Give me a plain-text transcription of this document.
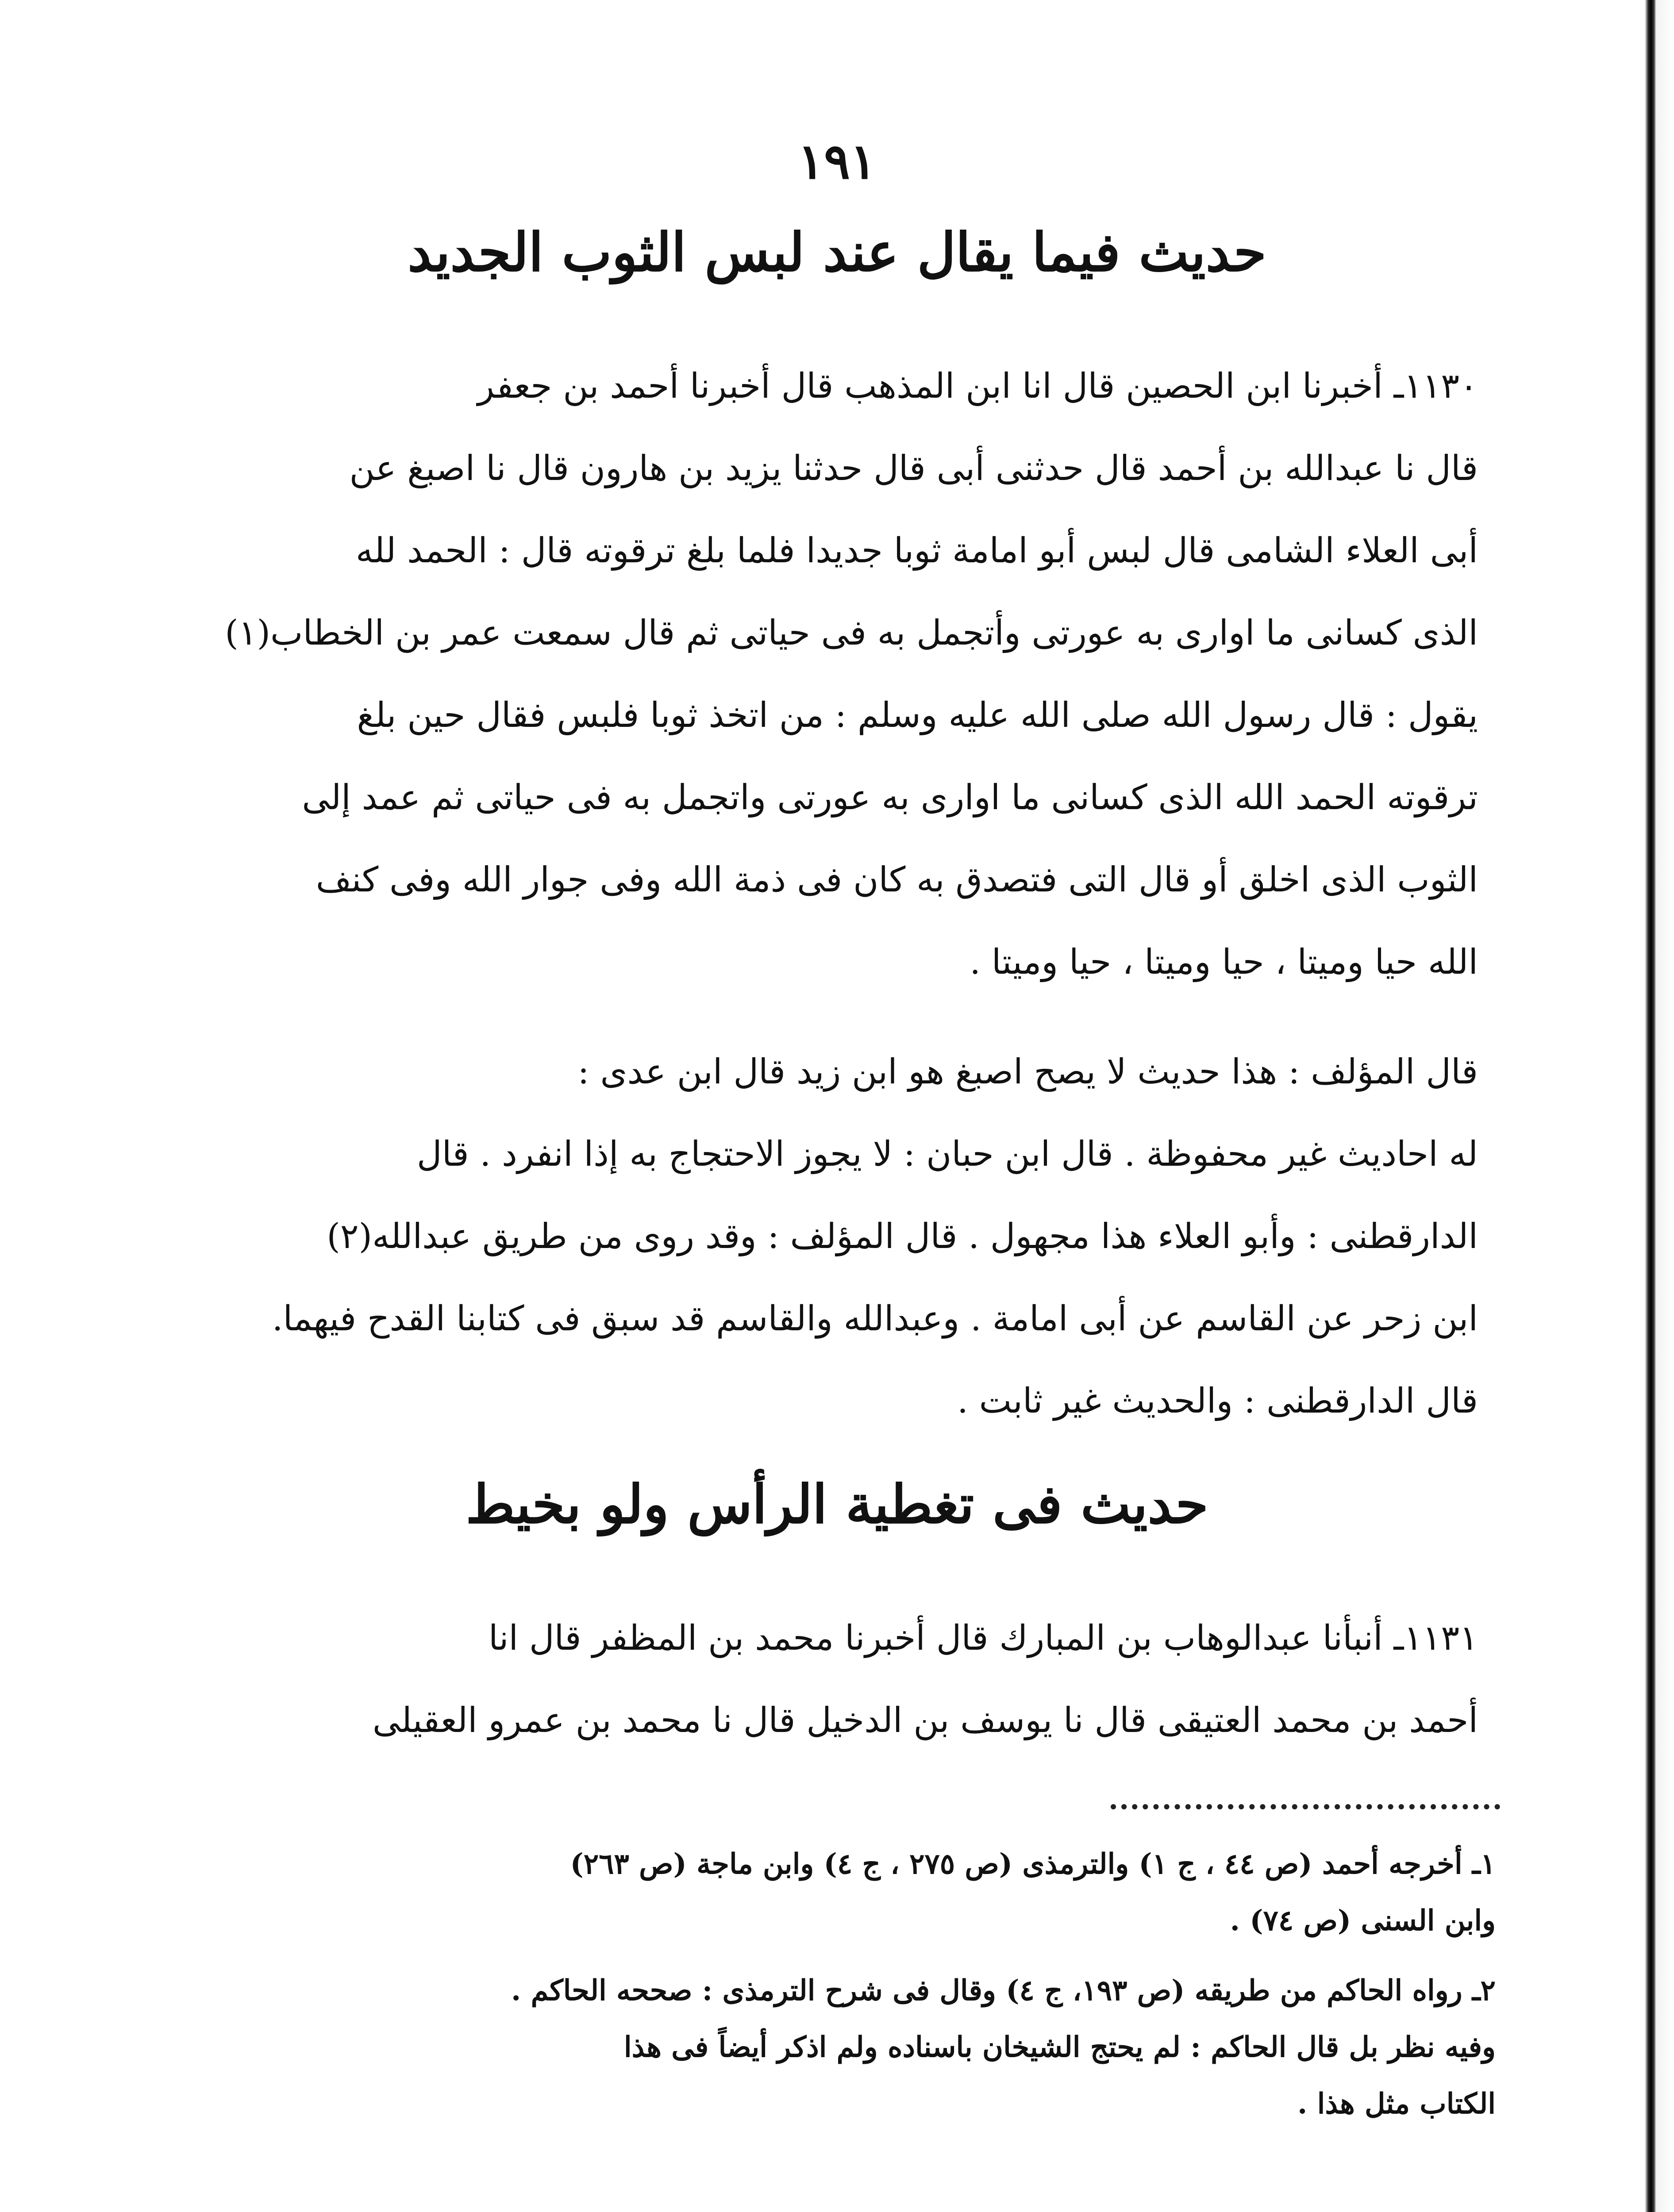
١٩١
حديث فيما يقال عند لبس الثوب الجديد
١١٣٠ـ أخبرنا ابن الحصين قال انا ابن المذهب قال أخبرنا أحمد بن جعفر
قال نا عبدالله بن أحمد قال حدثنى أبى قال حدثنا يزيد بن هارون قال نا اصبغ عن
أبى العلاء الشامى قال لبس أبو امامة ثوبا جديدا فلما بلغ ترقوته قال : الحمد لله
الذى كسانى ما اوارى به عورتى وأتجمل به فى حياتى ثم قال سمعت عمر بن الخطاب(١)
يقول : قال رسول الله صلى الله عليه وسلم : من اتخذ ثوبا فلبس فقال حين بلغ
ترقوته الحمد الله الذى كسانى ما اوارى به عورتى واتجمل به فى حياتى ثم عمد إلى
الثوب الذى اخلق أو قال التى فتصدق به كان فى ذمة الله وفى جوار الله وفى كنف
الله حيا وميتا ، حيا وميتا ، حيا وميتا .
قال المؤلف : هذا حديث لا يصح اصبغ هو ابن زيد قال ابن عدى :
له احاديث غير محفوظة . قال ابن حبان : لا يجوز الاحتجاج به إذا انفرد . قال
الدارقطنى : وأبو العلاء هذا مجهول . قال المؤلف : وقد روى من طريق عبدالله(٢)
ابن زحر عن القاسم عن أبى امامة . وعبدالله والقاسم قد سبق فى كتابنا القدح فيهما.
قال الدارقطنى : والحديث غير ثابت .
حديث فى تغطية الرأس ولو بخيط
١١٣١ـ أنبأنا عبدالوهاب بن المبارك قال أخبرنا محمد بن المظفر قال انا
أحمد بن محمد العتيقى قال نا يوسف بن الدخيل قال نا محمد بن عمرو العقيلى
١ـ أخرجه أحمد (ص ٤٤ ، ج ١) والترمذى (ص ٢٧٥ ، ج ٤) وابن ماجة (ص ٢٦٣)
وابن السنى (ص ٧٤) .
٢ـ رواه الحاكم من طريقه (ص ١٩٣، ج ٤) وقال فى شرح الترمذى : صححه الحاكم .
وفيه نظر بل قال الحاكم : لم يحتج الشيخان باسناده ولم اذكر أيضاً فى هذا
الكتاب مثل هذا .
